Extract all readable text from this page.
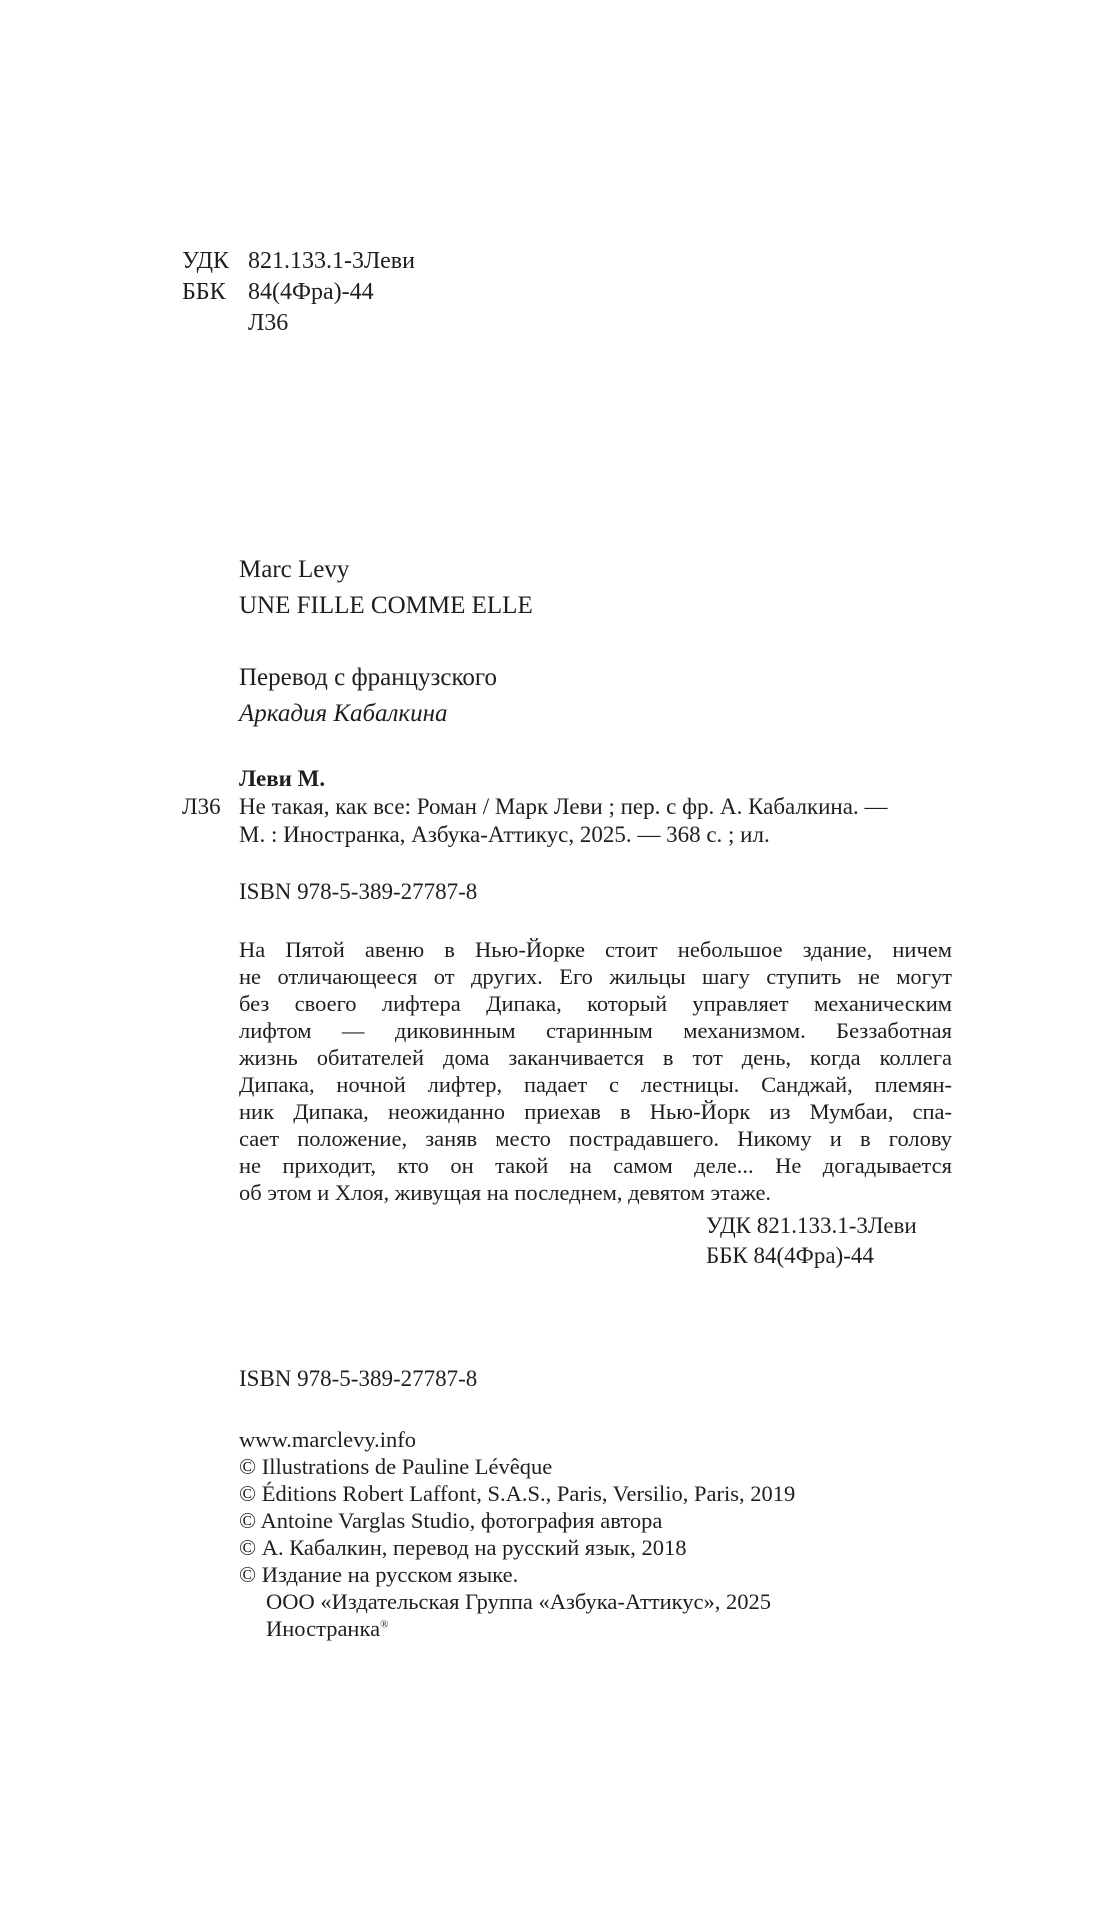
УДК 821.133.1-3Леви
ББК 84(4Фра)-44
Л36
Marc Levy
UNE FILLE COMME ELLE
Перевод с французского
Аркадия Кабалкина
Леви М.
Л36 Не такая, как все: Роман / Марк Леви ; пер. с фр. А. Кабалкина. —
М. : Иностранка, Азбука-Аттикус, 2025. — 368 с. ; ил.
ISBN 978-5-389-27787-8
На Пятой авеню в Нью-Йорке стоит небольшое здание, ничем
не отличающееся от других. Его жильцы шагу ступить не могут
без своего лифтера Дипака, который управляет механическим
лифтом — диковинным старинным механизмом. Беззаботная
жизнь обитателей дома заканчивается в тот день, когда коллега
Дипака, ночной лифтер, падает с лестницы. Санджай, племян-
ник Дипака, неожиданно приехав в Нью-Йорк из Мумбаи, спа-
сает положение, заняв место пострадавшего. Никому и в голову
не приходит, кто он такой на самом деле... Не догадывается
об этом и Хлоя, живущая на последнем, девятом этаже.
УДК 821.133.1-3Леви
ББК 84(4Фра)-44
ISBN 978-5-389-27787-8
www.marclevy.info
© Illustrations de Pauline Lévêque
© Éditions Robert Laffont, S.A.S., Paris, Versilio, Paris, 2019
© Antoine Varglas Studio, фотография автора
© А. Кабалкин, перевод на русский язык, 2018
© Издание на русском языке.
ООО «Издательская Группа «Азбука-Аттикус», 2025
Иностранка®
